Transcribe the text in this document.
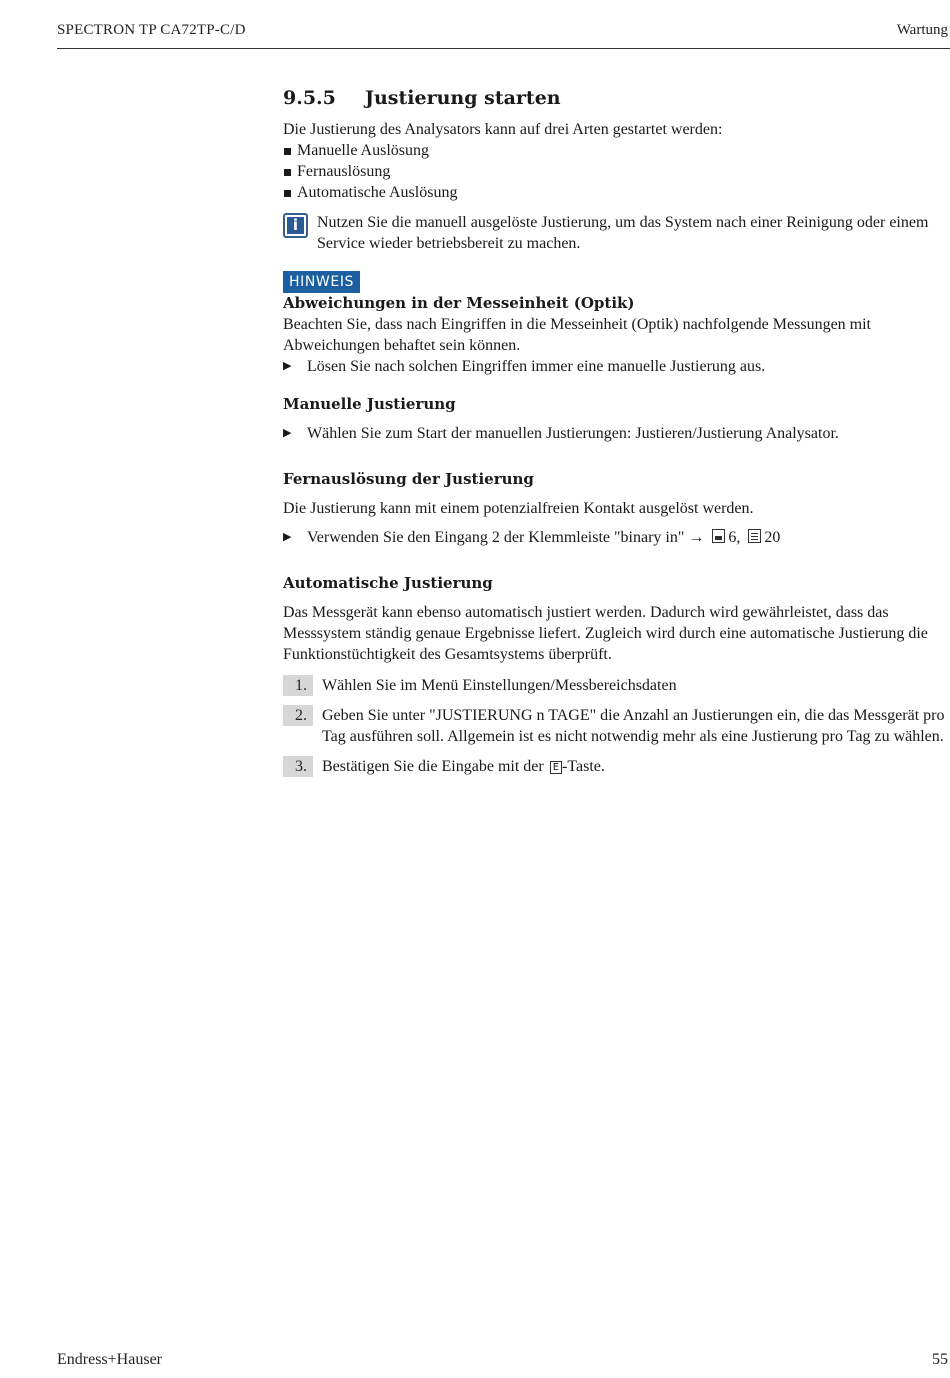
SPECTRON TP CA72TP-C/D	Wartung
9.5.5	Justierung starten

Die Justierung des Analysators kann auf drei Arten gestartet werden:

Manuelle Auslösung
Fernauslösung
Automatische Auslösung
i	Nutzen Sie die manuell ausgelöste Justierung, um das System nach einer Reinigung oder einem Service wieder betriebsbereit zu machen.
HINWEIS
Abweichungen in der Messeinheit (Optik)

Beachten Sie, dass nach Eingriffen in die Messeinheit (Optik) nachfolgende Messungen mit Abweichungen behaftet sein können.

▶ Lösen Sie nach solchen Eingriffen immer eine manuelle Justierung aus.
Manuelle Justierung
▶ Wählen Sie zum Start der manuellen Justierungen: Justieren/Justierung Analysator.
Fernauslösung der Justierung

Die Justierung kann mit einem potenzialfreien Kontakt ausgelöst werden.

▶ Verwenden Sie den Eingang 2 der Klemmleiste "binary in" → 6, 20
Automatische Justierung

Das Messgerät kann ebenso automatisch justiert werden. Dadurch wird gewährleistet, dass das Messsystem ständig genaue Ergebnisse liefert. Zugleich wird durch eine automatische Justierung die Funktionstüchtigkeit des Gesamtsystems überprüft.

1. Wählen Sie im Menü Einstellungen/Messbereichsdaten
2. Geben Sie unter "JUSTIERUNG n TAGE" die Anzahl an Justierungen ein, die das Messgerät pro Tag ausführen soll. Allgemein ist es nicht notwendig mehr als eine Justierung pro Tag zu wählen.
3. Bestätigen Sie die Eingabe mit der E -Taste.
Endress+Hauser	55
